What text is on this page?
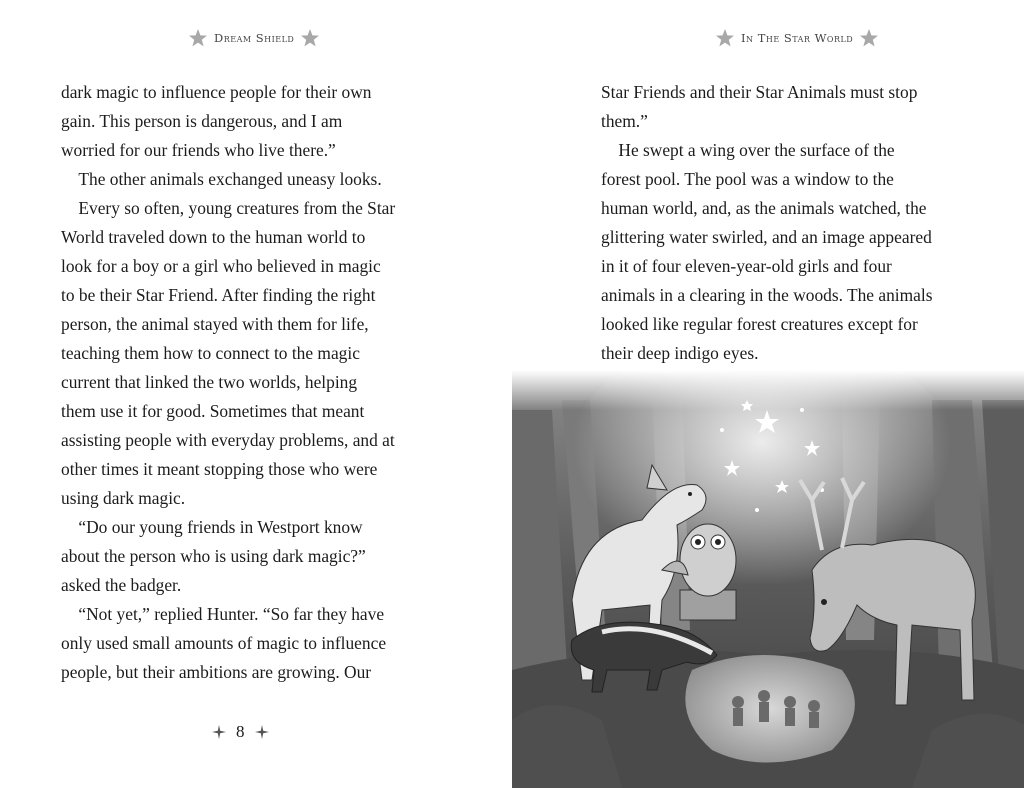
Dream Shield
dark magic to influence people for their own
gain. This person is dangerous, and I am
worried for our friends who live there.”
 The other animals exchanged uneasy looks.
 Every so often, young creatures from the Star
World traveled down to the human world to
look for a boy or a girl who believed in magic
to be their Star Friend. After finding the right
person, the animal stayed with them for life,
teaching them how to connect to the magic
current that linked the two worlds, helping
them use it for good. Sometimes that meant
assisting people with everyday problems, and at
other times it meant stopping those who were
using dark magic.
 “Do our young friends in Westport know
about the person who is using dark magic?”
asked the badger.
 “Not yet,” replied Hunter. “So far they have
only used small amounts of magic to influence
people, but their ambitions are growing. Our
8
In The Star World
Star Friends and their Star Animals must stop
them.”
 He swept a wing over the surface of the
forest pool. The pool was a window to the
human world, and, as the animals watched, the
glittering water swirled, and an image appeared
in it of four eleven-year-old girls and four
animals in a clearing in the woods. The animals
looked like regular forest creatures except for
their deep indigo eyes.
